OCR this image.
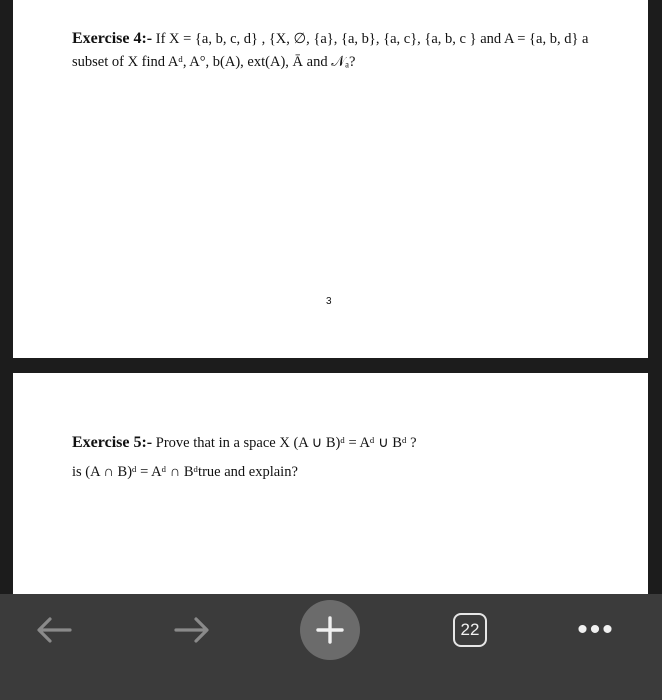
Exercise 4:- If X = {a, b, c, d} , {X, ∅, {a}, {a, b}, {a, c}, {a, b, c } and A = {a, b, d} a
subset of X find Aᵈ, A°, b(A), ext(A), Ā and 𝒩ₐ?
3
Exercise 5:- Prove that in a space X (A ∪ B)ᵈ = Aᵈ ∪ Bᵈ ?
is (A ∩ B)ᵈ = Aᵈ ∩ Bᵈtrue and explain?
22	•••
